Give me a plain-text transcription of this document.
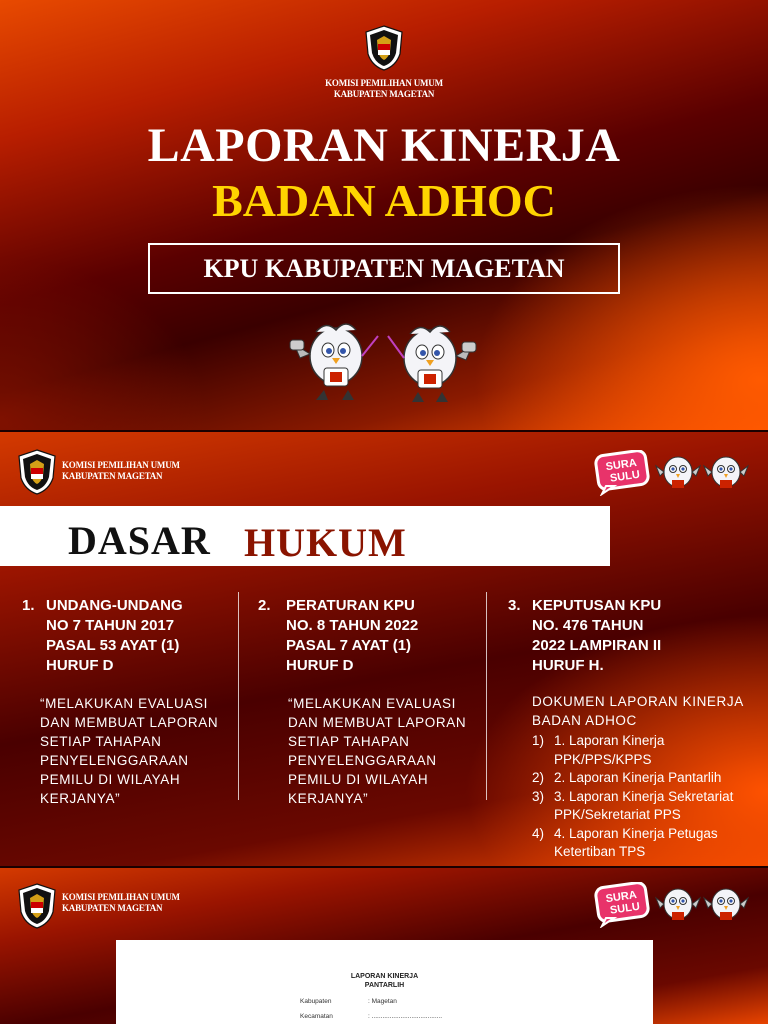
KOMISI PEMILIHAN UMUM
KABUPATEN MAGETAN
LAPORAN KINERJA
BADAN ADHOC
KPU KABUPATEN MAGETAN
KOMISI PEMILIHAN UMUM
KABUPATEN MAGETAN
SURA
SULU
DASAR HUKUM
1. UNDANG-UNDANG
NO 7 TAHUN 2017
PASAL 53 AYAT (1)
HURUF D
“MELAKUKAN EVALUASI
DAN MEMBUAT LAPORAN
SETIAP TAHAPAN
PENYELENGGARAAN
PEMILU DI WILAYAH
KERJANYA”
2.	PERATURAN KPU
NO. 8 TAHUN 2022
PASAL 7 AYAT (1)
HURUF D
“MELAKUKAN EVALUASI
DAN MEMBUAT LAPORAN
SETIAP TAHAPAN
PENYELENGGARAAN
PEMILU DI WILAYAH
KERJANYA”
3. KEPUTUSAN KPU
NO. 476 TAHUN
2022 LAMPIRAN II
HURUF H.
DOKUMEN LAPORAN KINERJA
BADAN ADHOC
1) 1. Laporan Kinerja
PPK/PPS/KPPS
2) 2. Laporan Kinerja Pantarlih
3) 3. Laporan Kinerja Sekretariat
PPK/Sekretariat PPS
4) 4. Laporan Kinerja Petugas
Ketertiban TPS
KOMISI PEMILIHAN UMUM
KABUPATEN MAGETAN
SURA
SULU
LAPORAN KINERJA
PANTARLIH
Kabupaten	: Magetan
Kecamatan	: .......................................
